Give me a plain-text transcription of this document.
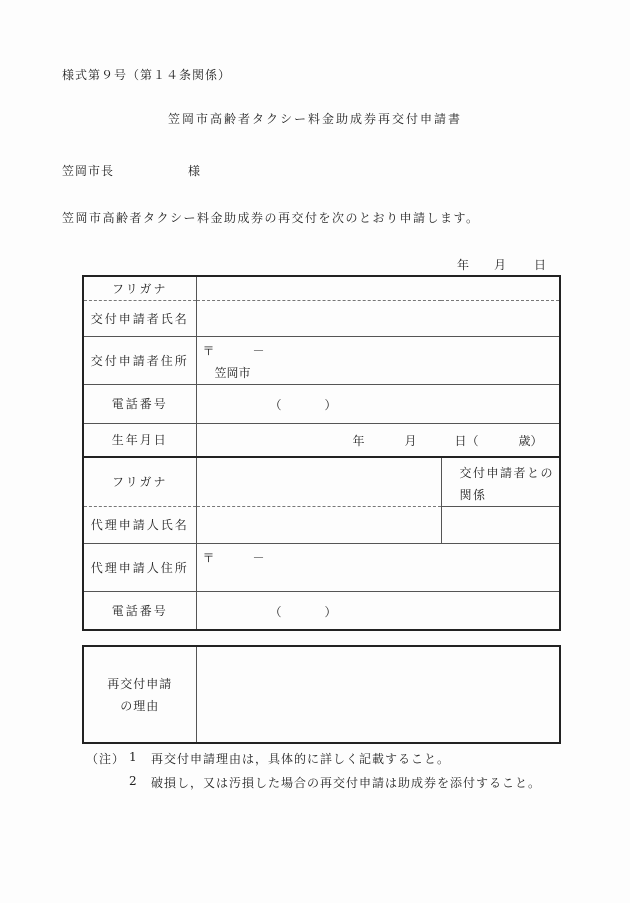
様式第９号（第１４条関係）
笠岡市高齢者タクシー料金助成券再交付申請書
笠岡市長	様
笠岡市高齢者タクシー料金助成券の再交付を次のとおり申請します。
年 月 日
フリガナ		
交付申請者氏名		
交付申請者住所	〒 －
笠岡市	

電話番号	（ ）	

生年月日	年 月 日（ 歳）	

フリガナ		交付申請者との
関係

代理申請人氏名		
代理申請人住所	〒 －	

電話番号	（ ）	
再交付申請
の理由

（注） 1 再交付申請理由は，具体的に詳しく記載すること。
2 破損し，又は汚損した場合の再交付申請は助成券を添付すること。
